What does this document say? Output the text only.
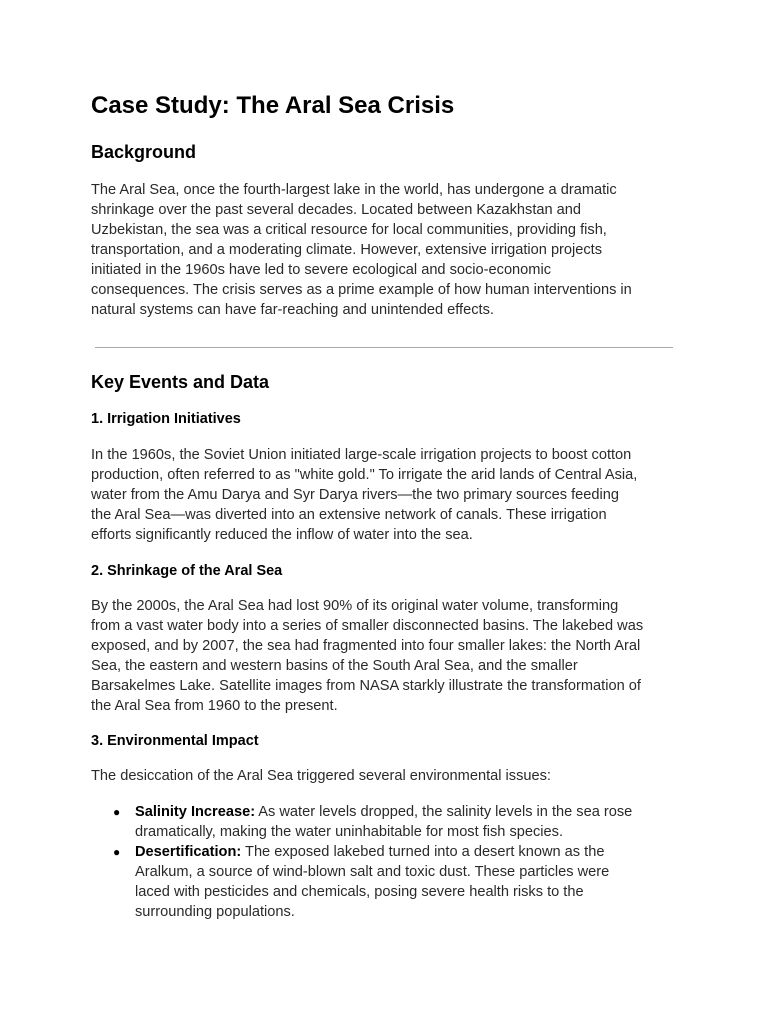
Case Study: The Aral Sea Crisis
Background
The Aral Sea, once the fourth-largest lake in the world, has undergone a dramatic
shrinkage over the past several decades. Located between Kazakhstan and
Uzbekistan, the sea was a critical resource for local communities, providing fish,
transportation, and a moderating climate. However, extensive irrigation projects
initiated in the 1960s have led to severe ecological and socio-economic
consequences. The crisis serves as a prime example of how human interventions in
natural systems can have far-reaching and unintended effects.
Key Events and Data
1. Irrigation Initiatives
In the 1960s, the Soviet Union initiated large-scale irrigation projects to boost cotton
production, often referred to as "white gold." To irrigate the arid lands of Central Asia,
water from the Amu Darya and Syr Darya rivers—the two primary sources feeding
the Aral Sea—was diverted into an extensive network of canals. These irrigation
efforts significantly reduced the inflow of water into the sea.
2. Shrinkage of the Aral Sea
By the 2000s, the Aral Sea had lost 90% of its original water volume, transforming
from a vast water body into a series of smaller disconnected basins. The lakebed was
exposed, and by 2007, the sea had fragmented into four smaller lakes: the North Aral
Sea, the eastern and western basins of the South Aral Sea, and the smaller
Barsakelmes Lake. Satellite images from NASA starkly illustrate the transformation of
the Aral Sea from 1960 to the present.
3. Environmental Impact
The desiccation of the Aral Sea triggered several environmental issues:
● Salinity Increase: As water levels dropped, the salinity levels in the sea rose
dramatically, making the water uninhabitable for most fish species.
● Desertification: The exposed lakebed turned into a desert known as the
Aralkum, a source of wind-blown salt and toxic dust. These particles were
laced with pesticides and chemicals, posing severe health risks to the
surrounding populations.
